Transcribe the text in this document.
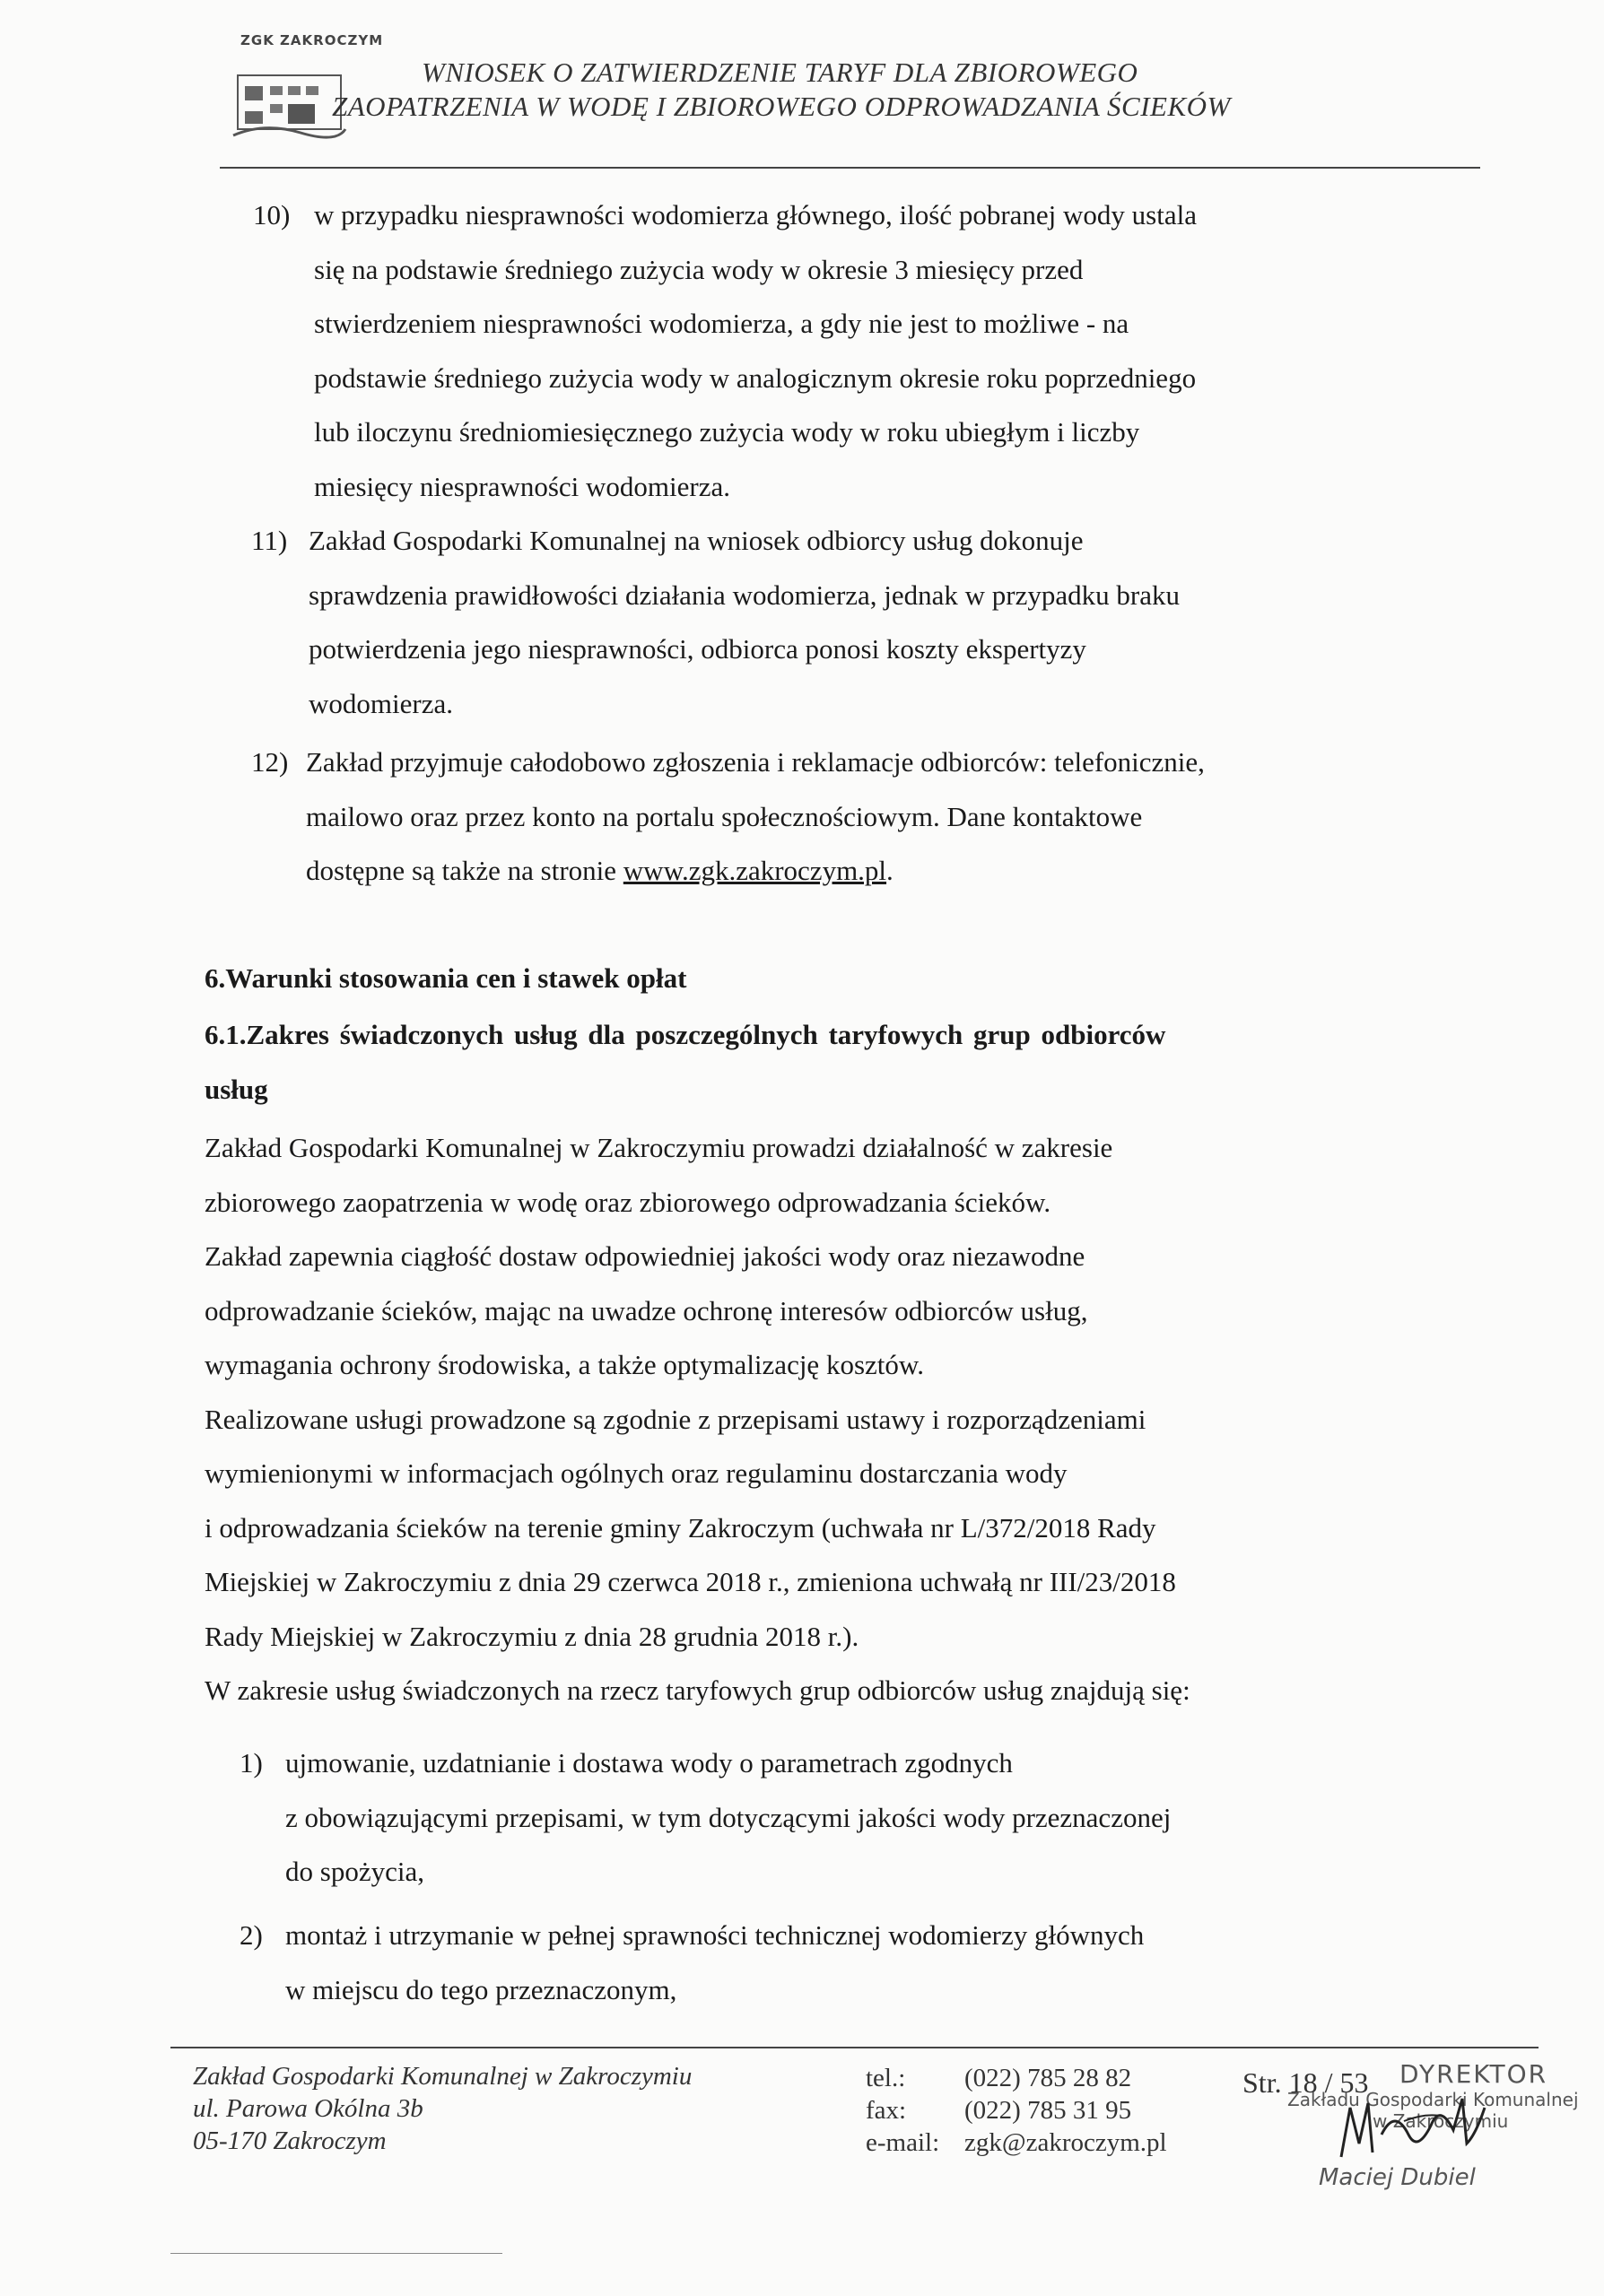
ZGK ZAKROCZYM
WNIOSEK O ZATWIERDZENIE TARYF DLA ZBIOROWEGO
ZAOPATRZENIA W WODĘ I ZBIOROWEGO ODPROWADZANIA ŚCIEKÓW
10) w przypadku niesprawności wodomierza głównego, ilość pobranej wody ustala
się na podstawie średniego zużycia wody w okresie 3 miesięcy przed
stwierdzeniem niesprawności wodomierza, a gdy nie jest to możliwe - na
podstawie średniego zużycia wody w analogicznym okresie roku poprzedniego
lub iloczynu średniomiesięcznego zużycia wody w roku ubiegłym i liczby
miesięcy niesprawności wodomierza.
11) Zakład Gospodarki Komunalnej na wniosek odbiorcy usług dokonuje
sprawdzenia prawidłowości działania wodomierza, jednak w przypadku braku
potwierdzenia jego niesprawności, odbiorca ponosi koszty ekspertyzy
wodomierza.
12) Zakład przyjmuje całodobowo zgłoszenia i reklamacje odbiorców: telefonicznie,
mailowo oraz przez konto na portalu społecznościowym. Dane kontaktowe
dostępne są także na stronie www.zgk.zakroczym.pl.
6.Warunki stosowania cen i stawek opłat
6.1.Zakres świadczonych usług dla poszczególnych taryfowych grup odbiorców
usług
Zakład Gospodarki Komunalnej w Zakroczymiu prowadzi działalność w zakresie
zbiorowego zaopatrzenia w wodę oraz zbiorowego odprowadzania ścieków.
Zakład zapewnia ciągłość dostaw odpowiedniej jakości wody oraz niezawodne
odprowadzanie ścieków, mając na uwadze ochronę interesów odbiorców usług,
wymagania ochrony środowiska, a także optymalizację kosztów.
Realizowane usługi prowadzone są zgodnie z przepisami ustawy i rozporządzeniami
wymienionymi w informacjach ogólnych oraz regulaminu dostarczania wody
i odprowadzania ścieków na terenie gminy Zakroczym (uchwała nr L/372/2018 Rady
Miejskiej w Zakroczymiu z dnia 29 czerwca 2018 r., zmieniona uchwałą nr III/23/2018
Rady Miejskiej w Zakroczymiu z dnia 28 grudnia 2018 r.).
W zakresie usług świadczonych na rzecz taryfowych grup odbiorców usług znajdują się:
1) ujmowanie, uzdatnianie i dostawa wody o parametrach zgodnych
z obowiązującymi przepisami, w tym dotyczącymi jakości wody przeznaczonej
do spożycia,
2) montaż i utrzymanie w pełnej sprawności technicznej wodomierzy głównych
w miejscu do tego przeznaczonym,
Zakład Gospodarki Komunalnej w Zakroczymiu
ul. Parowa Okólna 3b
05-170 Zakroczym
tel.: (022) 785 28 82
fax: (022) 785 31 95
e-mail: zgk@zakroczym.pl
Str. 18 / 53 DYREKTOR
Zakładu Gospodarki Komunalnej
w Zakroczymiu
Maciej Dubiel
